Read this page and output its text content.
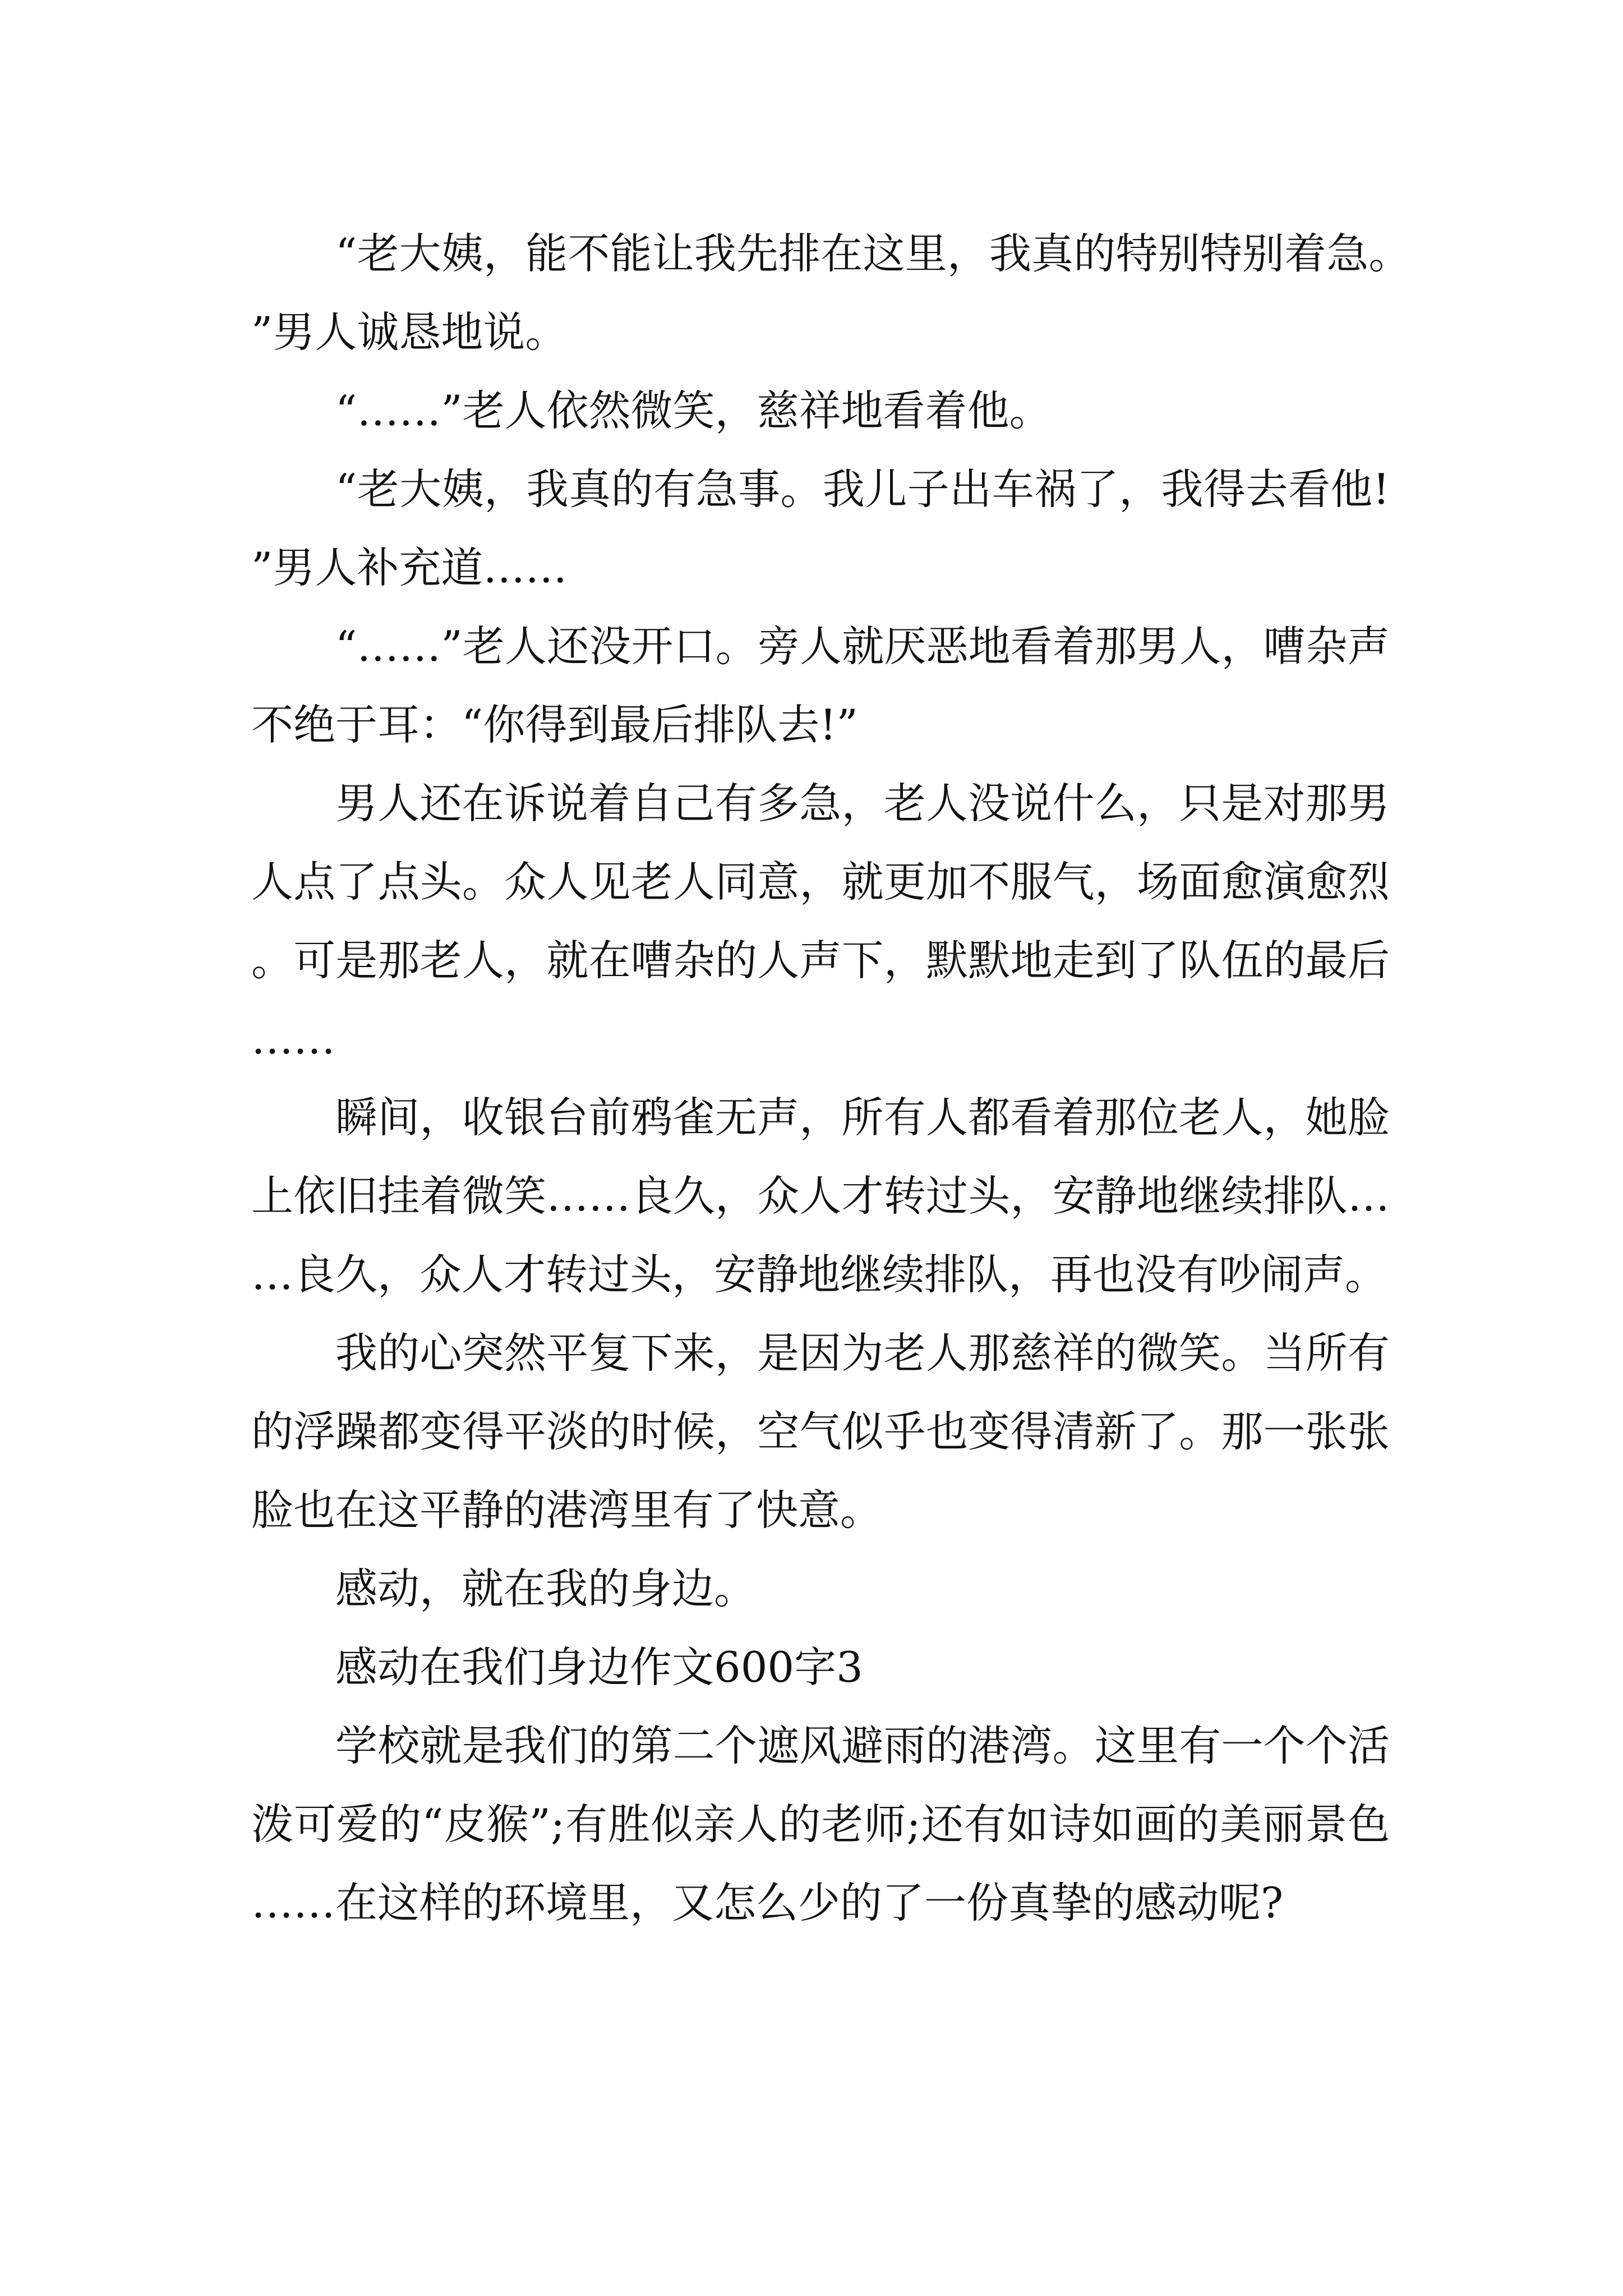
“老大姨，能不能让我先排在这里，我真的特别特别着急。”男人诚恳地说。

“……”老人依然微笑，慈祥地看着他。

“老大姨，我真的有急事。我儿子出车祸了，我得去看他!”男人补充道……

“……”老人还没开口。旁人就厌恶地看着那男人，嘈杂声不绝于耳：“你得到最后排队去!”

男人还在诉说着自己有多急，老人没说什么，只是对那男人点了点头。众人见老人同意，就更加不服气，场面愈演愈烈。可是那老人，就在嘈杂的人声下，默默地走到了队伍的最后……

瞬间，收银台前鸦雀无声，所有人都看着那位老人，她脸上依旧挂着微笑……良久，众人才转过头，安静地继续排队……良久，众人才转过头，安静地继续排队，再也没有吵闹声。

我的心突然平复下来，是因为老人那慈祥的微笑。当所有的浮躁都变得平淡的时候，空气似乎也变得清新了。那一张张脸也在这平静的港湾里有了快意。

感动，就在我的身边。

感动在我们身边作文600字3

学校就是我们的第二个遮风避雨的港湾。这里有一个个活泼可爱的“皮猴”;有胜似亲人的老师;还有如诗如画的美丽景色……在这样的环境里，又怎么少的了一份真挚的感动呢?
